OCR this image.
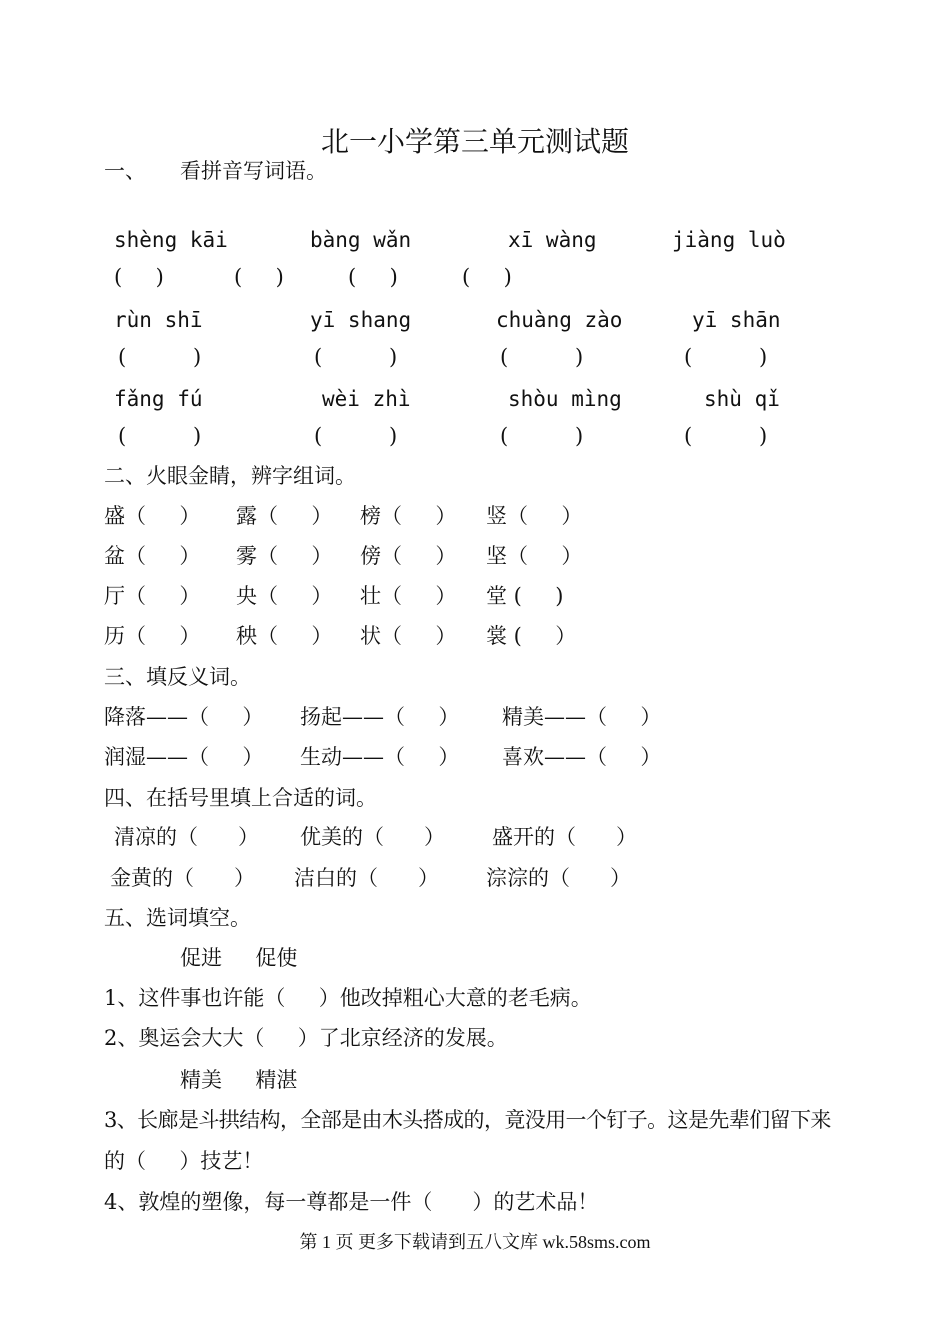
北一小学第三单元测试题
一、 看拼音写词语。
shèng kāi	bàng wǎn	xī wàng	jiàng luò
(     )	(     )	(     )	(     )
rùn shī	yī shang	chuàng zào	yī shān
(          )	(          )	(          )	(          )
fǎng fú	wèi zhì	shòu mìng	shù qǐ
(          )	(          )	(          )	(          )
二、火眼金睛，辨字组词。
盛（     ） 露（     ） 榜（     ） 竖（     ）
盆（     ） 雾（     ） 傍（     ） 坚（     ）
厅（     ） 央（     ） 壮（     ） 堂 (     )
历（     ） 秧（     ） 状（     ） 裳 (     ）
三、填反义词。
降落——（     ） 扬起——（     ） 精美——（     ）
润湿——（     ） 生动——（     ） 喜欢——（     ）
四、在括号里填上合适的词。
清凉的（      ） 优美的（      ） 盛开的（      ）
金黄的（      ） 洁白的（      ） 淙淙的（      ）
五、选词填空。
促进     促使
1、这件事也许能（     ）他改掉粗心大意的老毛病。
2、奥运会大大（     ）了北京经济的发展。
精美     精湛
3、长廊是斗拱结构，全部是由木头搭成的，竟没用一个钉子。这是先辈们留下来
的（     ）技艺！
4、敦煌的塑像，每一尊都是一件（      ）的艺术品！
第 1 页 更多下载请到五八文库 wk.58sms.com
